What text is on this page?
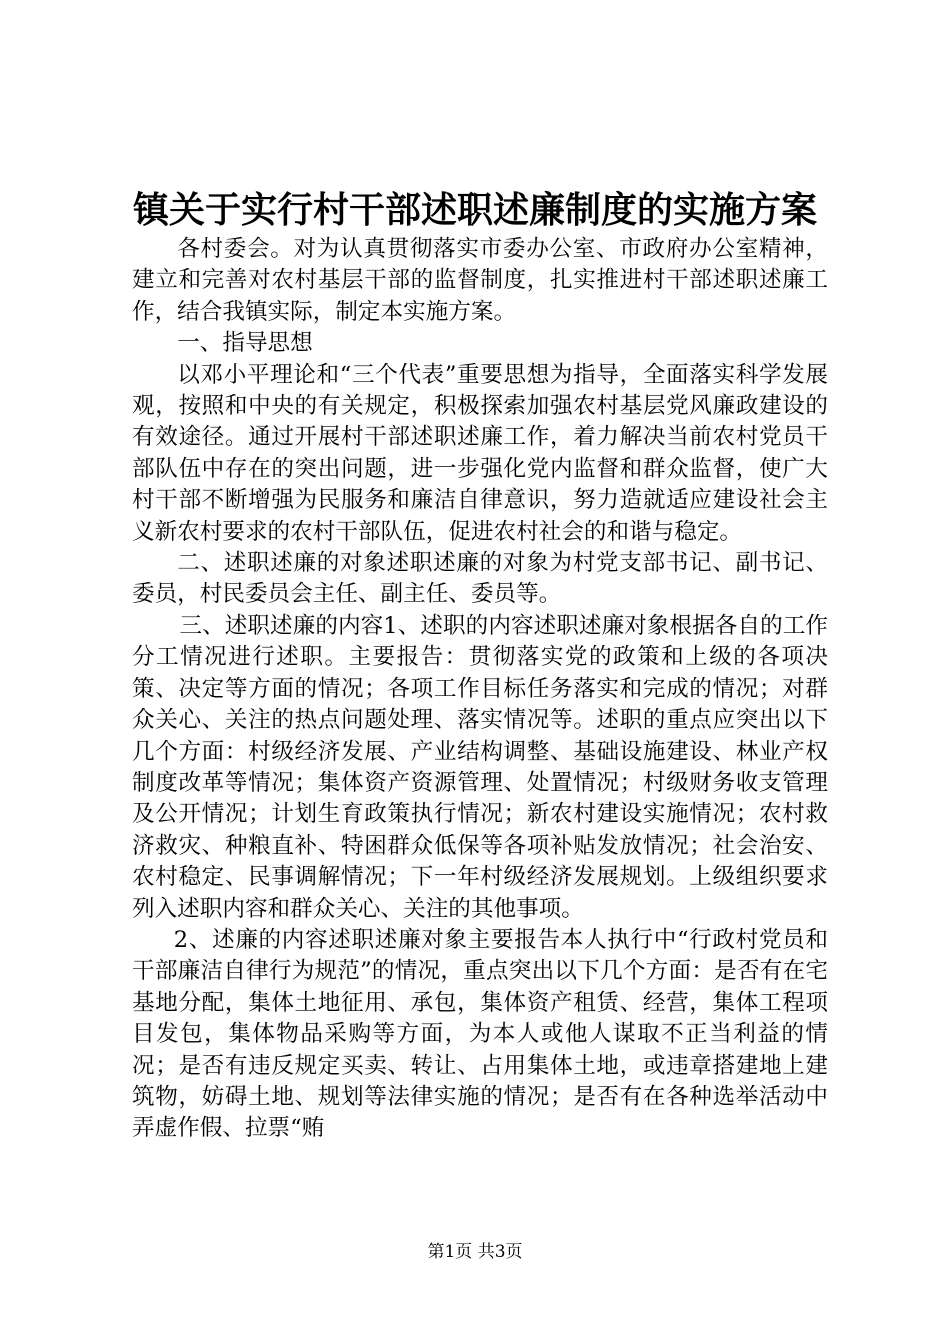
镇关于实行村干部述职述廉制度的实施方案

各村委会。对为认真贯彻落实市委办公室、市政府办公室精神，建立和完善对农村基层干部的监督制度，扎实推进村干部述职述廉工作，结合我镇实际，制定本实施方案。

一、指导思想

以邓小平理论和“三个代表”重要思想为指导，全面落实科学发展观，按照和中央的有关规定，积极探索加强农村基层党风廉政建设的有效途径。通过开展村干部述职述廉工作，着力解决当前农村党员干部队伍中存在的突出问题，进一步强化党内监督和群众监督，使广大村干部不断增强为民服务和廉洁自律意识，努力造就适应建设社会主义新农村要求的农村干部队伍，促进农村社会的和谐与稳定。

二、述职述廉的对象述职述廉的对象为村党支部书记、副书记、委员，村民委员会主任、副主任、委员等。

三、述职述廉的内容1、述职的内容述职述廉对象根据各自的工作分工情况进行述职。主要报告：贯彻落实党的政策和上级的各项决策、决定等方面的情况；各项工作目标任务落实和完成的情况；对群众关心、关注的热点问题处理、落实情况等。述职的重点应突出以下几个方面：村级经济发展、产业结构调整、基础设施建设、林业产权制度改革等情况；集体资产资源管理、处置情况；村级财务收支管理及公开情况；计划生育政策执行情况；新农村建设实施情况；农村救济救灾、种粮直补、特困群众低保等各项补贴发放情况；社会治安、农村稳定、民事调解情况；下一年村级经济发展规划。上级组织要求列入述职内容和群众关心、关注的其他事项。

2、述廉的内容述职述廉对象主要报告本人执行中“行政村党员和干部廉洁自律行为规范”的情况，重点突出以下几个方面：是否有在宅基地分配，集体土地征用、承包，集体资产租赁、经营，集体工程项目发包，集体物品采购等方面，为本人或他人谋取不正当利益的情况；是否有违反规定买卖、转让、占用集体土地，或违章搭建地上建筑物，妨碍土地、规划等法律实施的情况；是否有在各种选举活动中弄虚作假、拉票“贿

第1页 共3页
